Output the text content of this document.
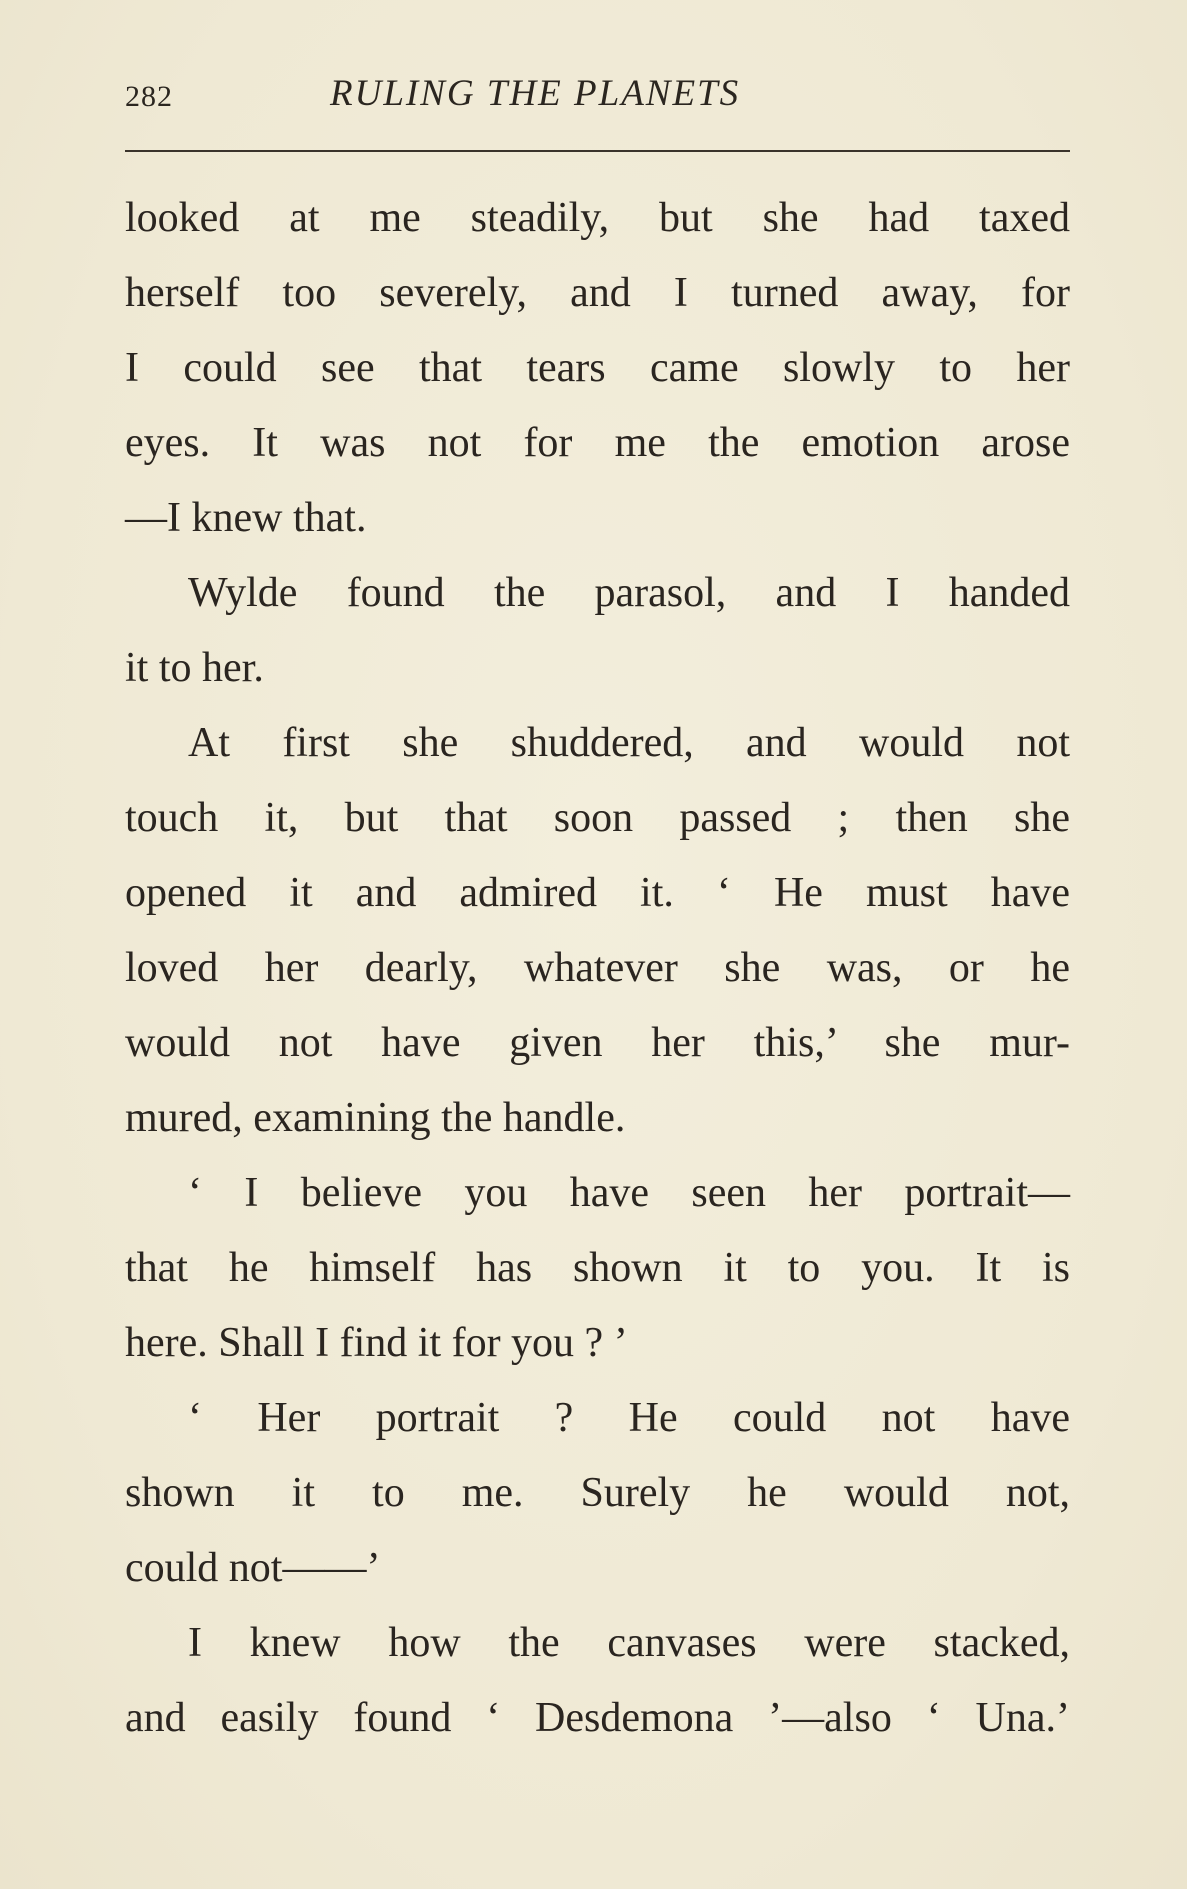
282	RULING THE PLANETS
looked at me steadily, but she had taxed
herself too severely, and I turned away, for
I could see that tears came slowly to her
eyes. It was not for me the emotion arose
—I knew that.
Wylde found the parasol, and I handed
it to her.
At first she shuddered, and would not
touch it, but that soon passed ; then she
opened it and admired it. ‘ He must have
loved her dearly, whatever she was, or he
would not have given her this,’ she mur-
mured, examining the handle.
‘ I believe you have seen her portrait—
that he himself has shown it to you. It is
here. Shall I find it for you ? ’
‘ Her portrait ? He could not have
shown it to me. Surely he would not,
could not——’
I knew how the canvases were stacked,
and easily found ‘ Desdemona ’—also ‘ Una.’
